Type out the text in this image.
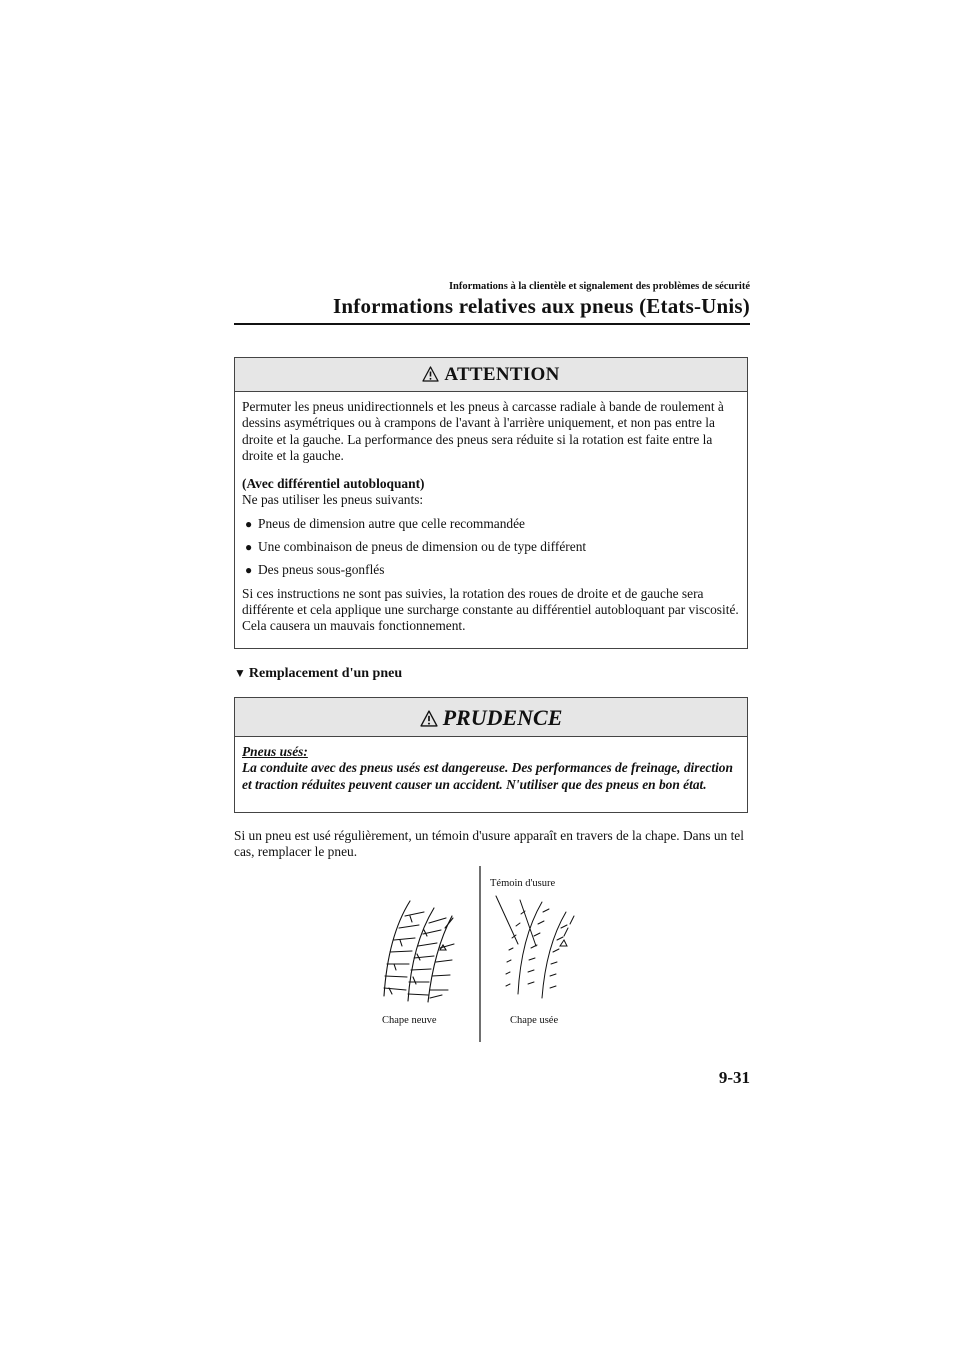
Informations à la clientèle et signalement des problèmes de sécurité
Informations relatives aux pneus (Etats-Unis)
ATTENTION

Permuter les pneus unidirectionnels et les pneus à carcasse radiale à bande de roulement à dessins asymétriques ou à crampons de l'avant à l'arrière uniquement, et non pas entre la droite et la gauche. La performance des pneus sera réduite si la rotation est faite entre la droite et la gauche.

(Avec différentiel autobloquant)

Ne pas utiliser les pneus suivants:

● Pneus de dimension autre que celle recommandée
● Une combinaison de pneus de dimension ou de type différent
● Des pneus sous-gonflés

Si ces instructions ne sont pas suivies, la rotation des roues de droite et de gauche sera différente et cela applique une surcharge constante au différentiel autobloquant par viscosité.

Cela causera un mauvais fonctionnement.

▼ Remplacement d'un pneu
PRUDENCE

Pneus usés:

La conduite avec des pneus usés est dangereuse. Des performances de freinage, direction et traction réduites peuvent causer un accident. N'utiliser que des pneus en bon état.

Si un pneu est usé régulièrement, un témoin d'usure apparaît en travers de la chape. Dans un tel cas, remplacer le pneu.
Témoin d'usure
Chape neuve	Chape usée
9-31
